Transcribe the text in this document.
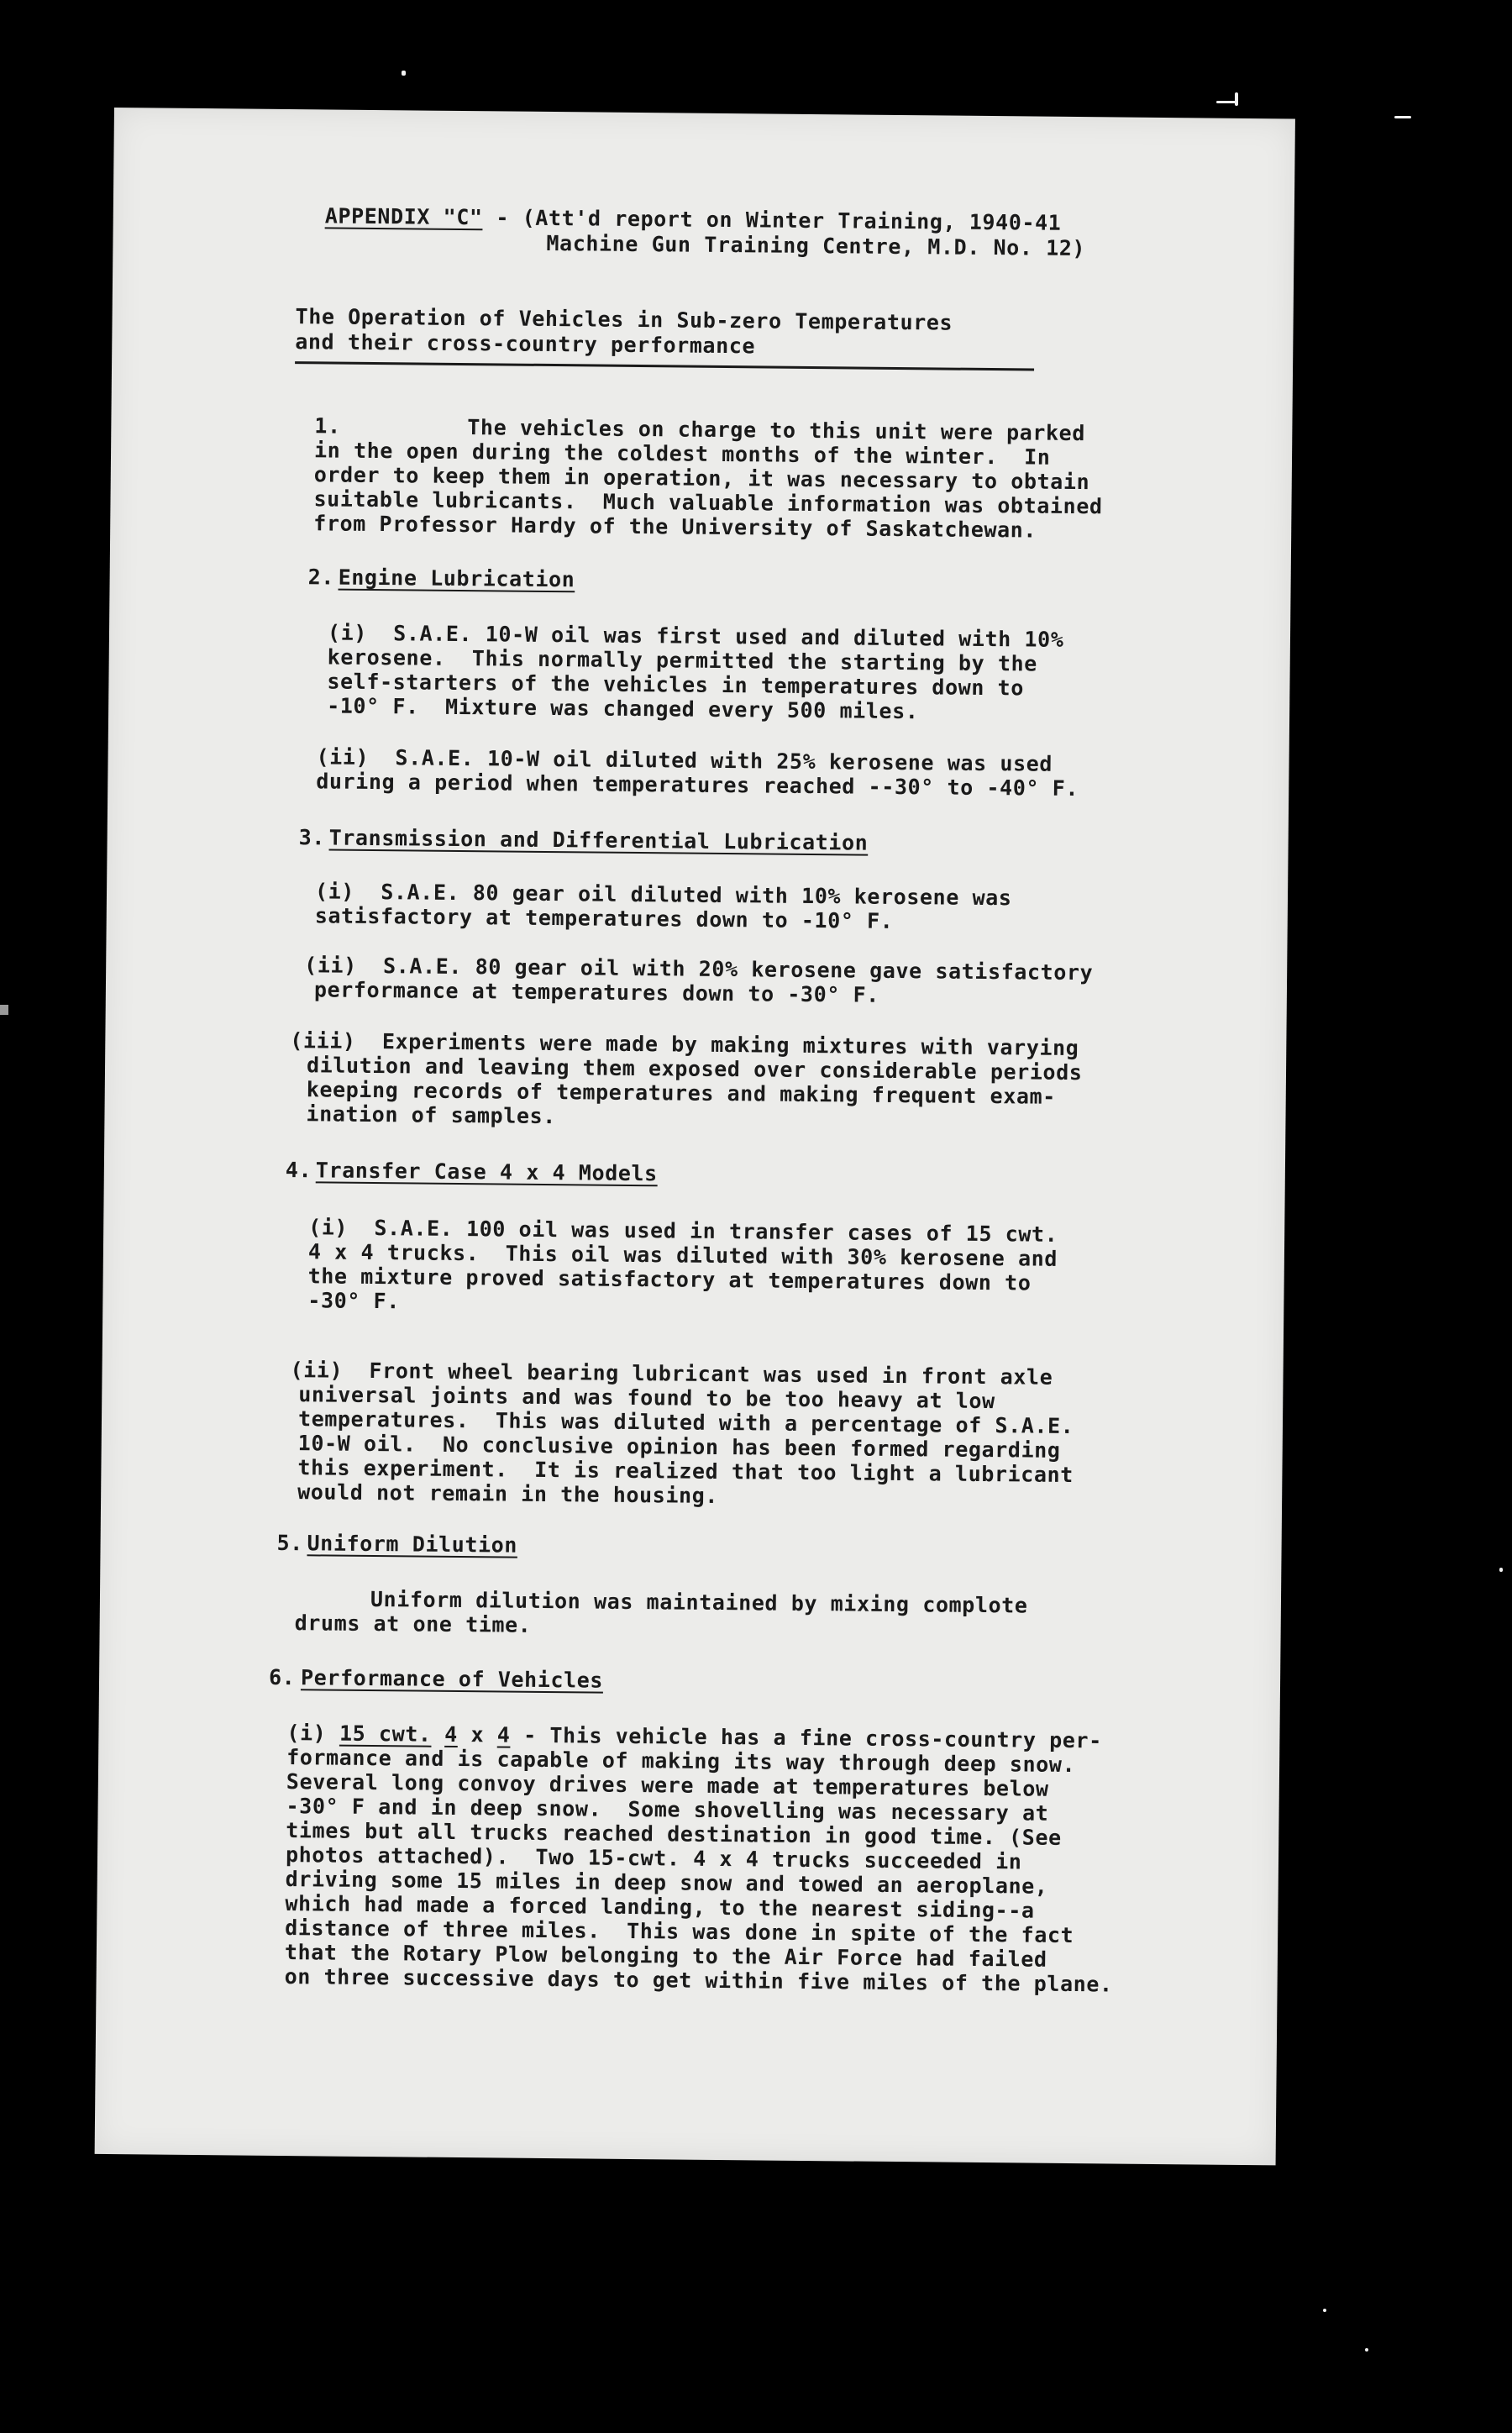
APPENDIX "C" - (Att'd report on Winter Training, 1940-41
Machine Gun Training Centre, M.D. No. 12)
The Operation of Vehicles in Sub-zero Temperatures
and their cross-country performance
1.	The vehicles on charge to this unit were parked
in the open during the coldest months of the winter.  In
order to keep them in operation, it was necessary to obtain
suitable lubricants.  Much valuable information was obtained
from Professor Hardy of the University of Saskatchewan.
2. Engine Lubrication
(i)  S.A.E. 10-W oil was first used and diluted with 10%
kerosene.  This normally permitted the starting by the
self-starters of the vehicles in temperatures down to
-10° F.  Mixture was changed every 500 miles.
(ii)  S.A.E. 10-W oil diluted with 25% kerosene was used
during a period when temperatures reached --30° to -40° F.
3. Transmission and Differential Lubrication
(i)  S.A.E. 80 gear oil diluted with 10% kerosene was
satisfactory at temperatures down to -10° F.
(ii)  S.A.E. 80 gear oil with 20% kerosene gave satisfactory
performance at temperatures down to -30° F.
(iii)  Experiments were made by making mixtures with varying
dilution and leaving them exposed over considerable periods
keeping records of temperatures and making frequent exam-
ination of samples.
4. Transfer Case 4 x 4 Models
(i)  S.A.E. 100 oil was used in transfer cases of 15 cwt.
4 x 4 trucks.  This oil was diluted with 30% kerosene and
the mixture proved satisfactory at temperatures down to
-30° F.
(ii)  Front wheel bearing lubricant was used in front axle
universal joints and was found to be too heavy at low
temperatures.  This was diluted with a percentage of S.A.E.
10-W oil.  No conclusive opinion has been formed regarding
this experiment.  It is realized that too light a lubricant
would not remain in the housing.
5. Uniform Dilution
Uniform dilution was maintained by mixing complote
drums at one time.
6. Performance of Vehicles
(i) 15 cwt. 4 x 4 - This vehicle has a fine cross-country per-
formance and is capable of making its way through deep snow.
Several long convoy drives were made at temperatures below
-30° F and in deep snow.  Some shovelling was necessary at
times but all trucks reached destination in good time. (See
photos attached).  Two 15-cwt. 4 x 4 trucks succeeded in
driving some 15 miles in deep snow and towed an aeroplane,
which had made a forced landing, to the nearest siding--a
distance of three miles.  This was done in spite of the fact
that the Rotary Plow belonging to the Air Force had failed
on three successive days to get within five miles of the plane.
